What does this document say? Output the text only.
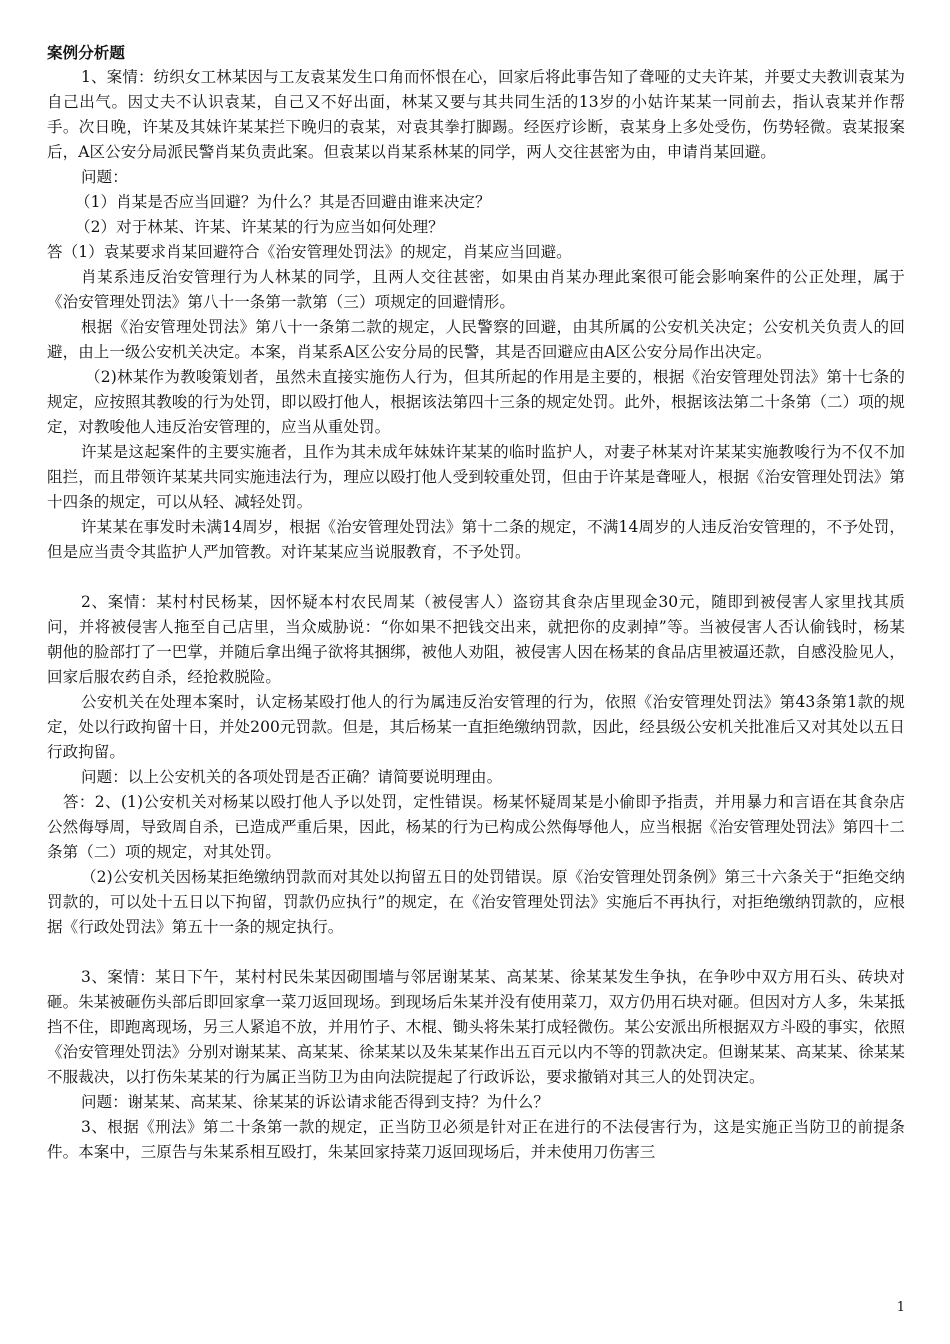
案例分析题

1、案情：纺织女工林某因与工友袁某发生口角而怀恨在心，回家后将此事告知了聋哑的丈夫许某，并要丈夫教训袁某为自己出气。因丈夫不认识袁某，自己又不好出面，林某又要与其共同生活的13岁的小姑许某某一同前去，指认袁某并作帮手。次日晚，许某及其妹许某某拦下晚归的袁某，对袁其拳打脚踢。经医疗诊断，袁某身上多处受伤，伤势轻微。袁某报案后，A区公安分局派民警肖某负责此案。但袁某以肖某系林某的同学，两人交往甚密为由，申请肖某回避。

问题：

（1）肖某是否应当回避？为什么？其是否回避由谁来决定？

（2）对于林某、许某、许某某的行为应当如何处理？

答（1）袁某要求肖某回避符合《治安管理处罚法》的规定，肖某应当回避。

肖某系违反治安管理行为人林某的同学，且两人交往甚密，如果由肖某办理此案很可能会影响案件的公正处理，属于《治安管理处罚法》第八十一条第一款第（三）项规定的回避情形。

根据《治安管理处罚法》第八十一条第二款的规定，人民警察的回避，由其所属的公安机关决定；公安机关负责人的回避，由上一级公安机关决定。本案，肖某系A区公安分局的民警，其是否回避应由A区公安分局作出决定。

（2)林某作为教唆策划者，虽然未直接实施伤人行为，但其所起的作用是主要的，根据《治安管理处罚法》第十七条的规定，应按照其教唆的行为处罚，即以殴打他人，根据该法第四十三条的规定处罚。此外，根据该法第二十条第（二）项的规定，对教唆他人违反治安管理的，应当从重处罚。

许某是这起案件的主要实施者，且作为其未成年妹妹许某某的临时监护人，对妻子林某对许某某实施教唆行为不仅不加阻拦，而且带领许某某共同实施违法行为，理应以殴打他人受到较重处罚，但由于许某是聋哑人，根据《治安管理处罚法》第十四条的规定，可以从轻、减轻处罚。

许某某在事发时未满14周岁，根据《治安管理处罚法》第十二条的规定，不满14周岁的人违反治安管理的，不予处罚，但是应当责令其监护人严加管教。对许某某应当说服教育，不予处罚。

2、案情：某村村民杨某，因怀疑本村农民周某（被侵害人）盗窃其食杂店里现金30元，随即到被侵害人家里找其质问，并将被侵害人拖至自己店里，当众威胁说：“你如果不把钱交出来，就把你的皮剥掉”等。当被侵害人否认偷钱时，杨某朝他的脸部打了一巴掌，并随后拿出绳子欲将其捆绑，被他人劝阻，被侵害人因在杨某的食品店里被逼还款，自感没脸见人，回家后服农药自杀，经抢救脱险。

公安机关在处理本案时，认定杨某殴打他人的行为属违反治安管理的行为，依照《治安管理处罚法》第43条第1款的规定，处以行政拘留十日，并处200元罚款。但是，其后杨某一直拒绝缴纳罚款，因此，经县级公安机关批准后又对其处以五日行政拘留。

问题：以上公安机关的各项处罚是否正确？请简要说明理由。

答：2、(1)公安机关对杨某以殴打他人予以处罚，定性错误。杨某怀疑周某是小偷即予指责，并用暴力和言语在其食杂店公然侮辱周，导致周自杀，已造成严重后果，因此，杨某的行为已构成公然侮辱他人，应当根据《治安管理处罚法》第四十二条第（二）项的规定，对其处罚。

（2)公安机关因杨某拒绝缴纳罚款而对其处以拘留五日的处罚错误。原《治安管理处罚条例》第三十六条关于“拒绝交纳罚款的，可以处十五日以下拘留，罚款仍应执行”的规定，在《治安管理处罚法》实施后不再执行，对拒绝缴纳罚款的，应根据《行政处罚法》第五十一条的规定执行。

3、案情：某日下午，某村村民朱某因砌围墙与邻居谢某某、高某某、徐某某发生争执，在争吵中双方用石头、砖块对砸。朱某被砸伤头部后即回家拿一菜刀返回现场。到现场后朱某并没有使用菜刀，双方仍用石块对砸。但因对方人多，朱某抵挡不住，即跑离现场，另三人紧追不放，并用竹子、木棍、锄头将朱某打成轻微伤。某公安派出所根据双方斗殴的事实，依照《治安管理处罚法》分别对谢某某、高某某、徐某某以及朱某某作出五百元以内不等的罚款决定。但谢某某、高某某、徐某某不服裁决，以打伤朱某某的行为属正当防卫为由向法院提起了行政诉讼，要求撤销对其三人的处罚决定。

问题：谢某某、高某某、徐某某的诉讼请求能否得到支持？为什么？

3、根据《刑法》第二十条第一款的规定，正当防卫必须是针对正在进行的不法侵害行为，这是实施正当防卫的前提条件。本案中，三原告与朱某系相互殴打，朱某回家持菜刀返回现场后，并未使用刀伤害三

1
